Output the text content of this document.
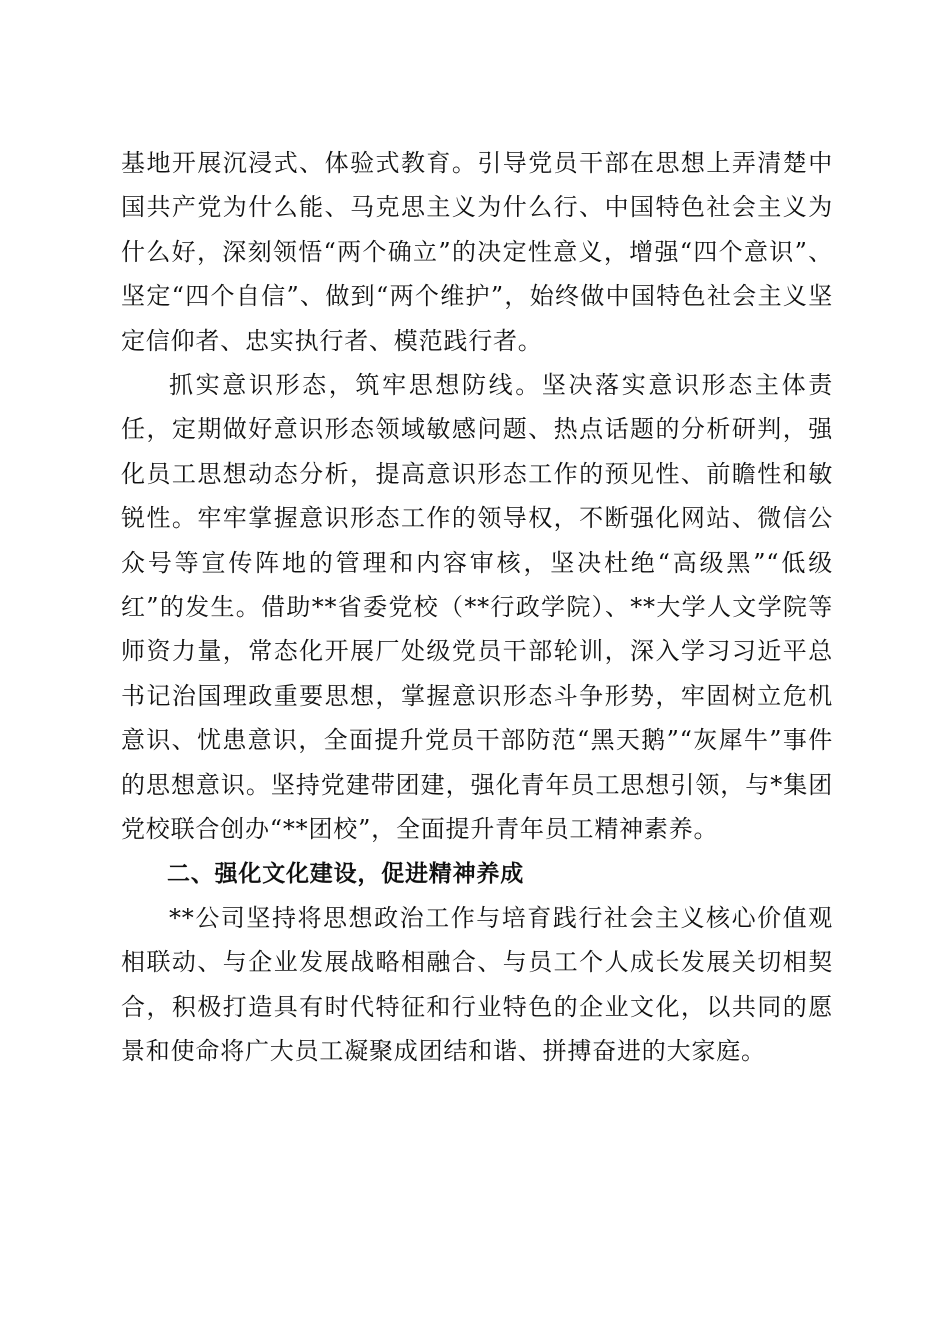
基地开展沉浸式、体验式教育。引导党员干部在思想上弄清楚中国共产党为什么能、马克思主义为什么行、中国特色社会主义为什么好，深刻领悟“两个确立”的决定性意义，增强“四个意识”、坚定“四个自信”、做到“两个维护”，始终做中国特色社会主义坚定信仰者、忠实执行者、模范践行者。

抓实意识形态，筑牢思想防线。坚决落实意识形态主体责任，定期做好意识形态领域敏感问题、热点话题的分析研判，强化员工思想动态分析，提高意识形态工作的预见性、前瞻性和敏锐性。牢牢掌握意识形态工作的领导权，不断强化网站、微信公众号等宣传阵地的管理和内容审核，坚决杜绝“高级黑”“低级红”的发生。借助**省委党校（**行政学院）、**大学人文学院等师资力量，常态化开展厂处级党员干部轮训，深入学习习近平总书记治国理政重要思想，掌握意识形态斗争形势，牢固树立危机意识、忧患意识，全面提升党员干部防范“黑天鹅”“灰犀牛”事件的思想意识。坚持党建带团建，强化青年员工思想引领，与*集团党校联合创办“**团校”，全面提升青年员工精神素养。

二、强化文化建设，促进精神养成

**公司坚持将思想政治工作与培育践行社会主义核心价值观相联动、与企业发展战略相融合、与员工个人成长发展关切相契合，积极打造具有时代特征和行业特色的企业文化，以共同的愿景和使命将广大员工凝聚成团结和谐、拼搏奋进的大家庭。
